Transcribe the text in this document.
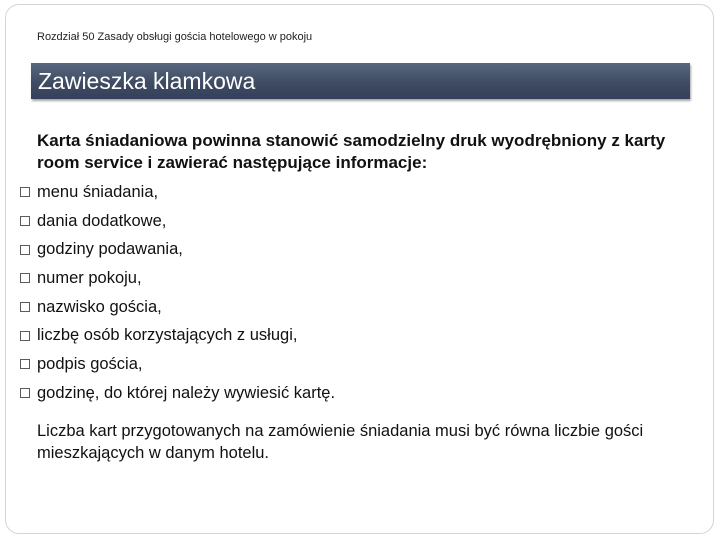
Rozdział 50 Zasady obsługi gościa hotelowego w pokoju
Zawieszka klamkowa
Karta śniadaniowa powinna stanowić samodzielny druk wyodrębniony z karty room service i zawierać następujące informacje:
menu śniadania,
dania dodatkowe,
godziny podawania,
numer pokoju,
nazwisko gościa,
liczbę osób korzystających z usługi,
podpis gościa,
godzinę, do której należy wywiesić kartę.
Liczba kart przygotowanych na zamówienie śniadania musi być równa liczbie gości mieszkających w danym hotelu.
